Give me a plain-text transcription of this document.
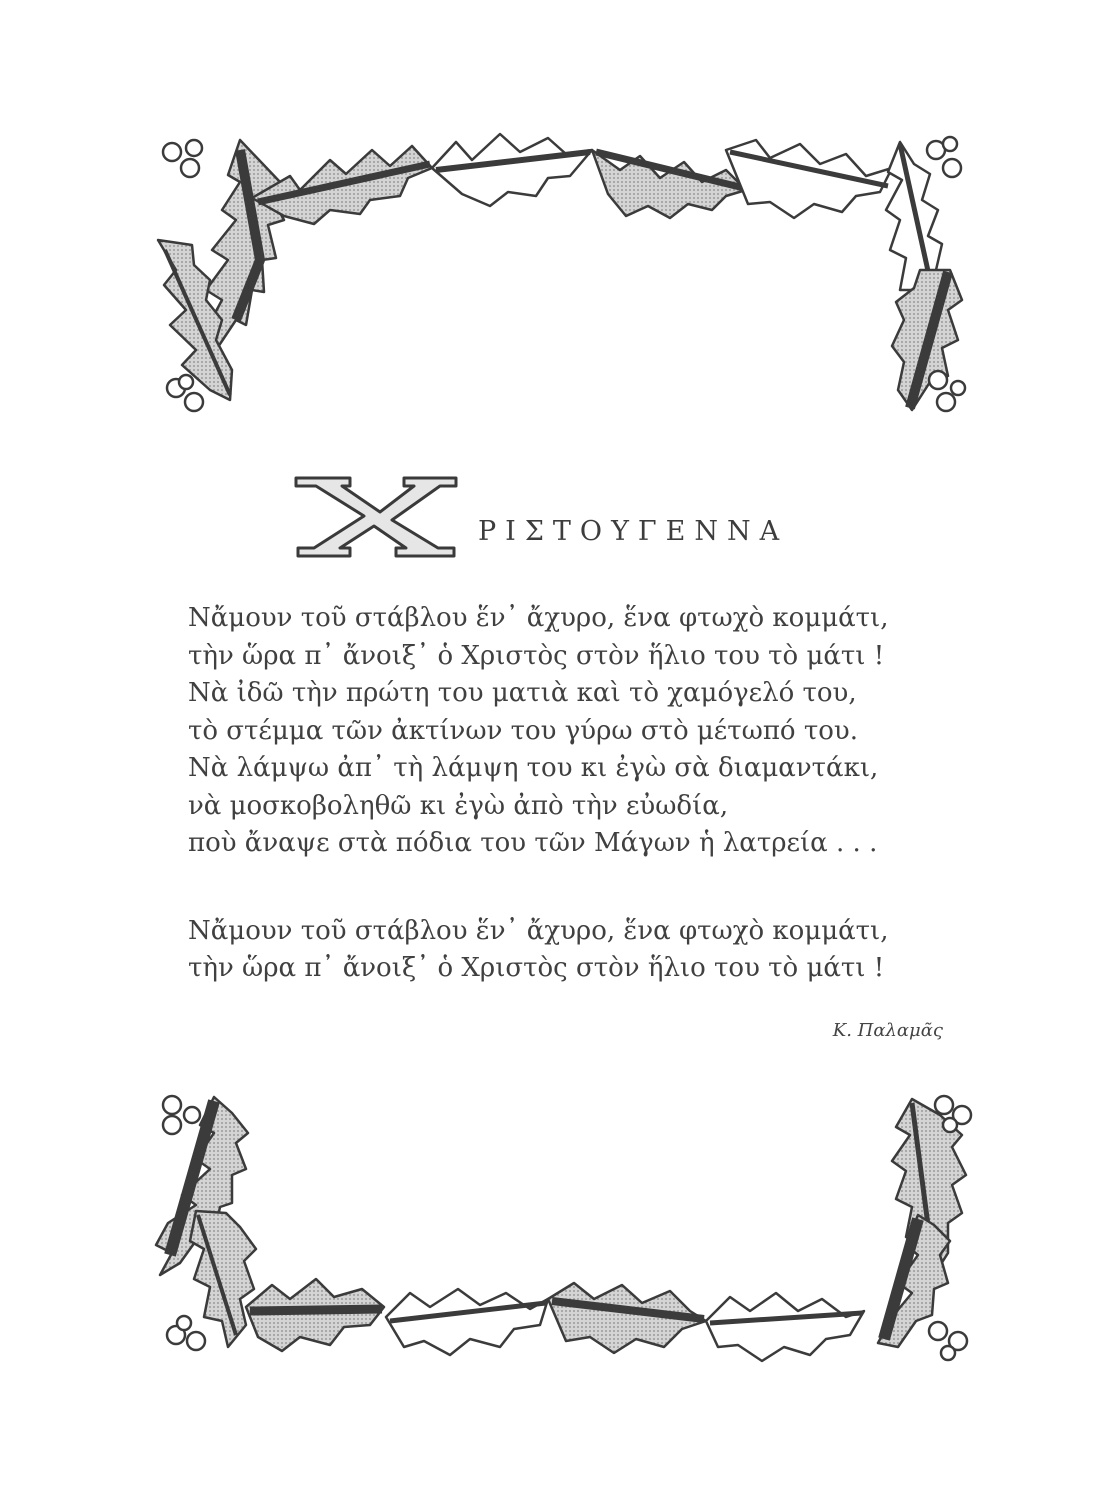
ΡΙΣΤΟΥΓΕΝΝΑ
Νἄμουν τοῦ στάβλου ἕν᾽ ἄχυρο, ἕνα φτωχὸ κομμάτι,
τὴν ὥρα π᾽ ἄνοιξ᾽ ὁ Χριστὸς στὸν ἥλιο του τὸ μάτι !
Νὰ ἰδῶ τὴν πρώτη του ματιὰ καὶ τὸ χαμόγελό του,
τὸ στέμμα τῶν ἀκτίνων του γύρω στὸ μέτωπό του.
Νὰ λάμψω ἀπ᾽ τὴ λάμψη του κι ἐγὼ σὰ διαμαντάκι,
νὰ μοσκοβοληθῶ κι ἐγὼ ἀπὸ τὴν εὐωδία,
ποὺ ἄναψε στὰ πόδια του τῶν Μάγων ἡ λατρεία . . .
Νἄμουν τοῦ στάβλου ἕν᾽ ἄχυρο, ἕνα φτωχὸ κομμάτι,
τὴν ὥρα π᾽ ἄνοιξ᾽ ὁ Χριστὸς στὸν ἥλιο του τὸ μάτι !
Κ. Παλαμᾶς
